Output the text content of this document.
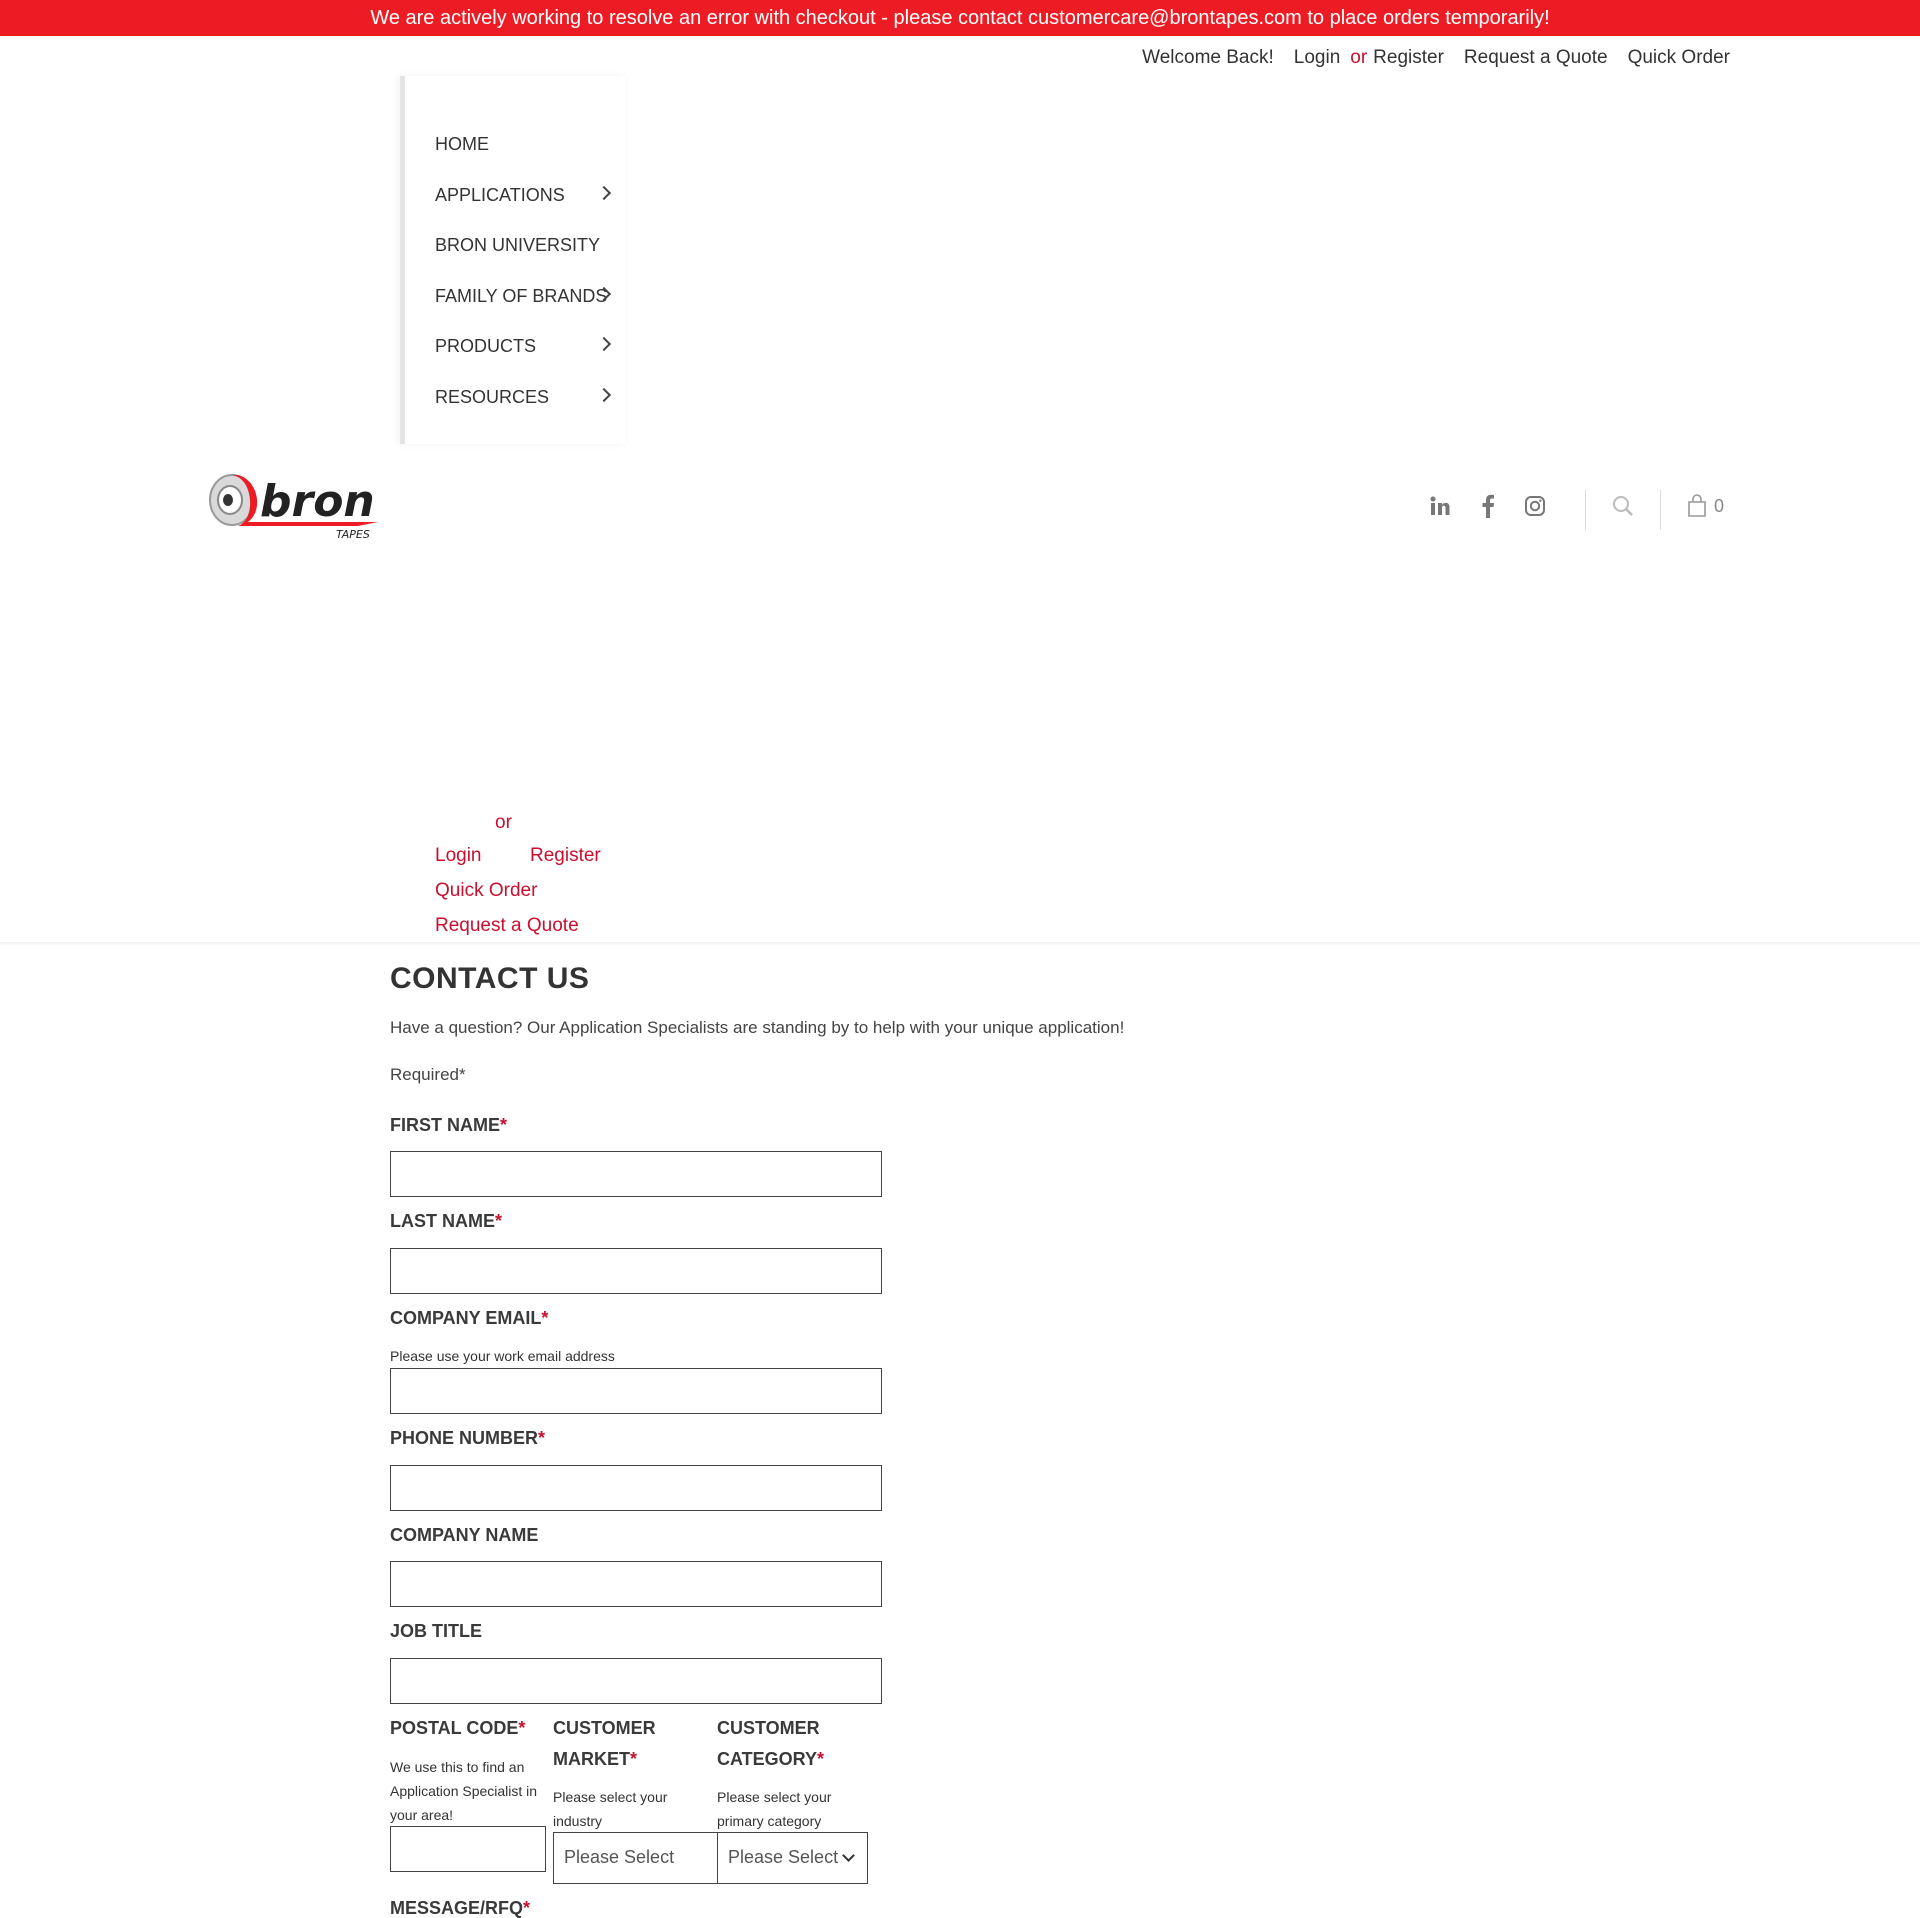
We are actively working to resolve an error with checkout - please contact customercare@brontapes.com to place orders temporarily!
Welcome Back! Login or Register Request a Quote Quick Order
HOME
APPLICATIONS
BRON UNIVERSITY
FAMILY OF BRANDS
PRODUCTS
RESOURCES
bron
TAPES
0
or
Login	Register
Quick Order
Request a Quote
CONTACT US

Have a question? Our Application Specialists are standing by to help with your unique application!

Required*

FIRST NAME*
LAST NAME*
COMPANY EMAIL*
Please use your work email address
PHONE NUMBER*
COMPANY NAME
JOB TITLE
POSTAL CODE*
We use this to find an
Application Specialist in
your area!
CUSTOMER
MARKET*
Please select your
industry
Please Select
CUSTOMER
CATEGORY*
Please select your
primary category
Please Select
MESSAGE/RFQ*
